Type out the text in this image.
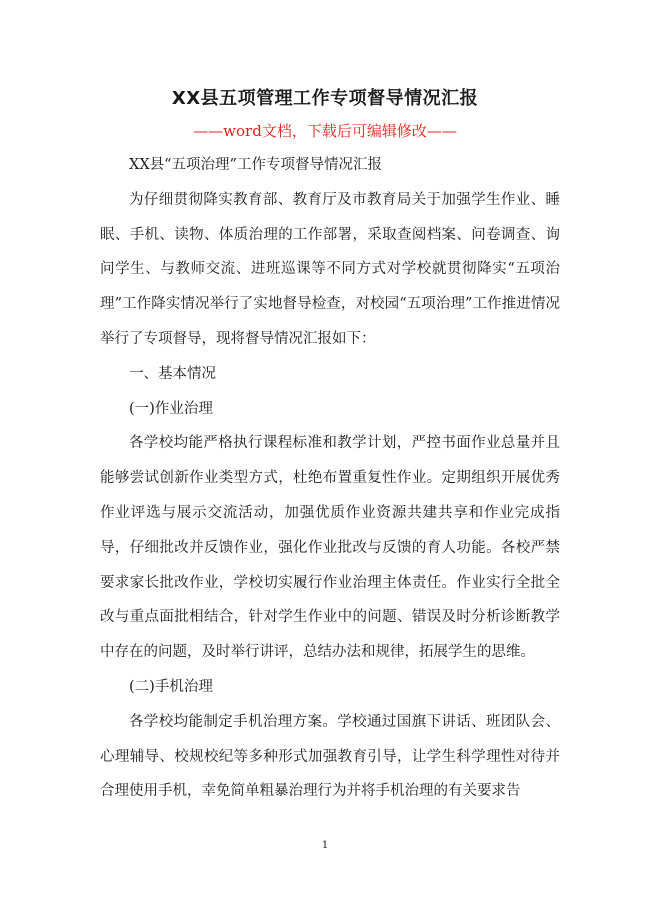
XX县五项管理工作专项督导情况汇报
——word文档，下载后可编辑修改——

XX县“五项治理”工作专项督导情况汇报

为仔细贯彻降实教育部、教育厅及市教育局关于加强学生作业、睡眠、手机、读物、体质治理的工作部署，采取查阅档案、问卷调查、询问学生、与教师交流、进班巡课等不同方式对学校就贯彻降实“五项治理”工作降实情况举行了实地督导检查，对校园“五项治理”工作推进情况举行了专项督导，现将督导情况汇报如下：

一、基本情况

(一)作业治理

各学校均能严格执行课程标准和教学计划，严控书面作业总量并且能够尝试创新作业类型方式，杜绝布置重复性作业。定期组织开展优秀作业评选与展示交流活动，加强优质作业资源共建共享和作业完成指导，仔细批改并反馈作业，强化作业批改与反馈的育人功能。各校严禁要求家长批改作业，学校切实履行作业治理主体责任。作业实行全批全改与重点面批相结合，针对学生作业中的问题、错误及时分析诊断教学中存在的问题，及时举行讲评，总结办法和规律，拓展学生的思维。

(二)手机治理

各学校均能制定手机治理方案。学校通过国旗下讲话、班团队会、心理辅导、校规校纪等多种形式加强教育引导，让学生科学理性对待并合理使用手机，幸免简单粗暴治理行为并将手机治理的有关要求告

1
